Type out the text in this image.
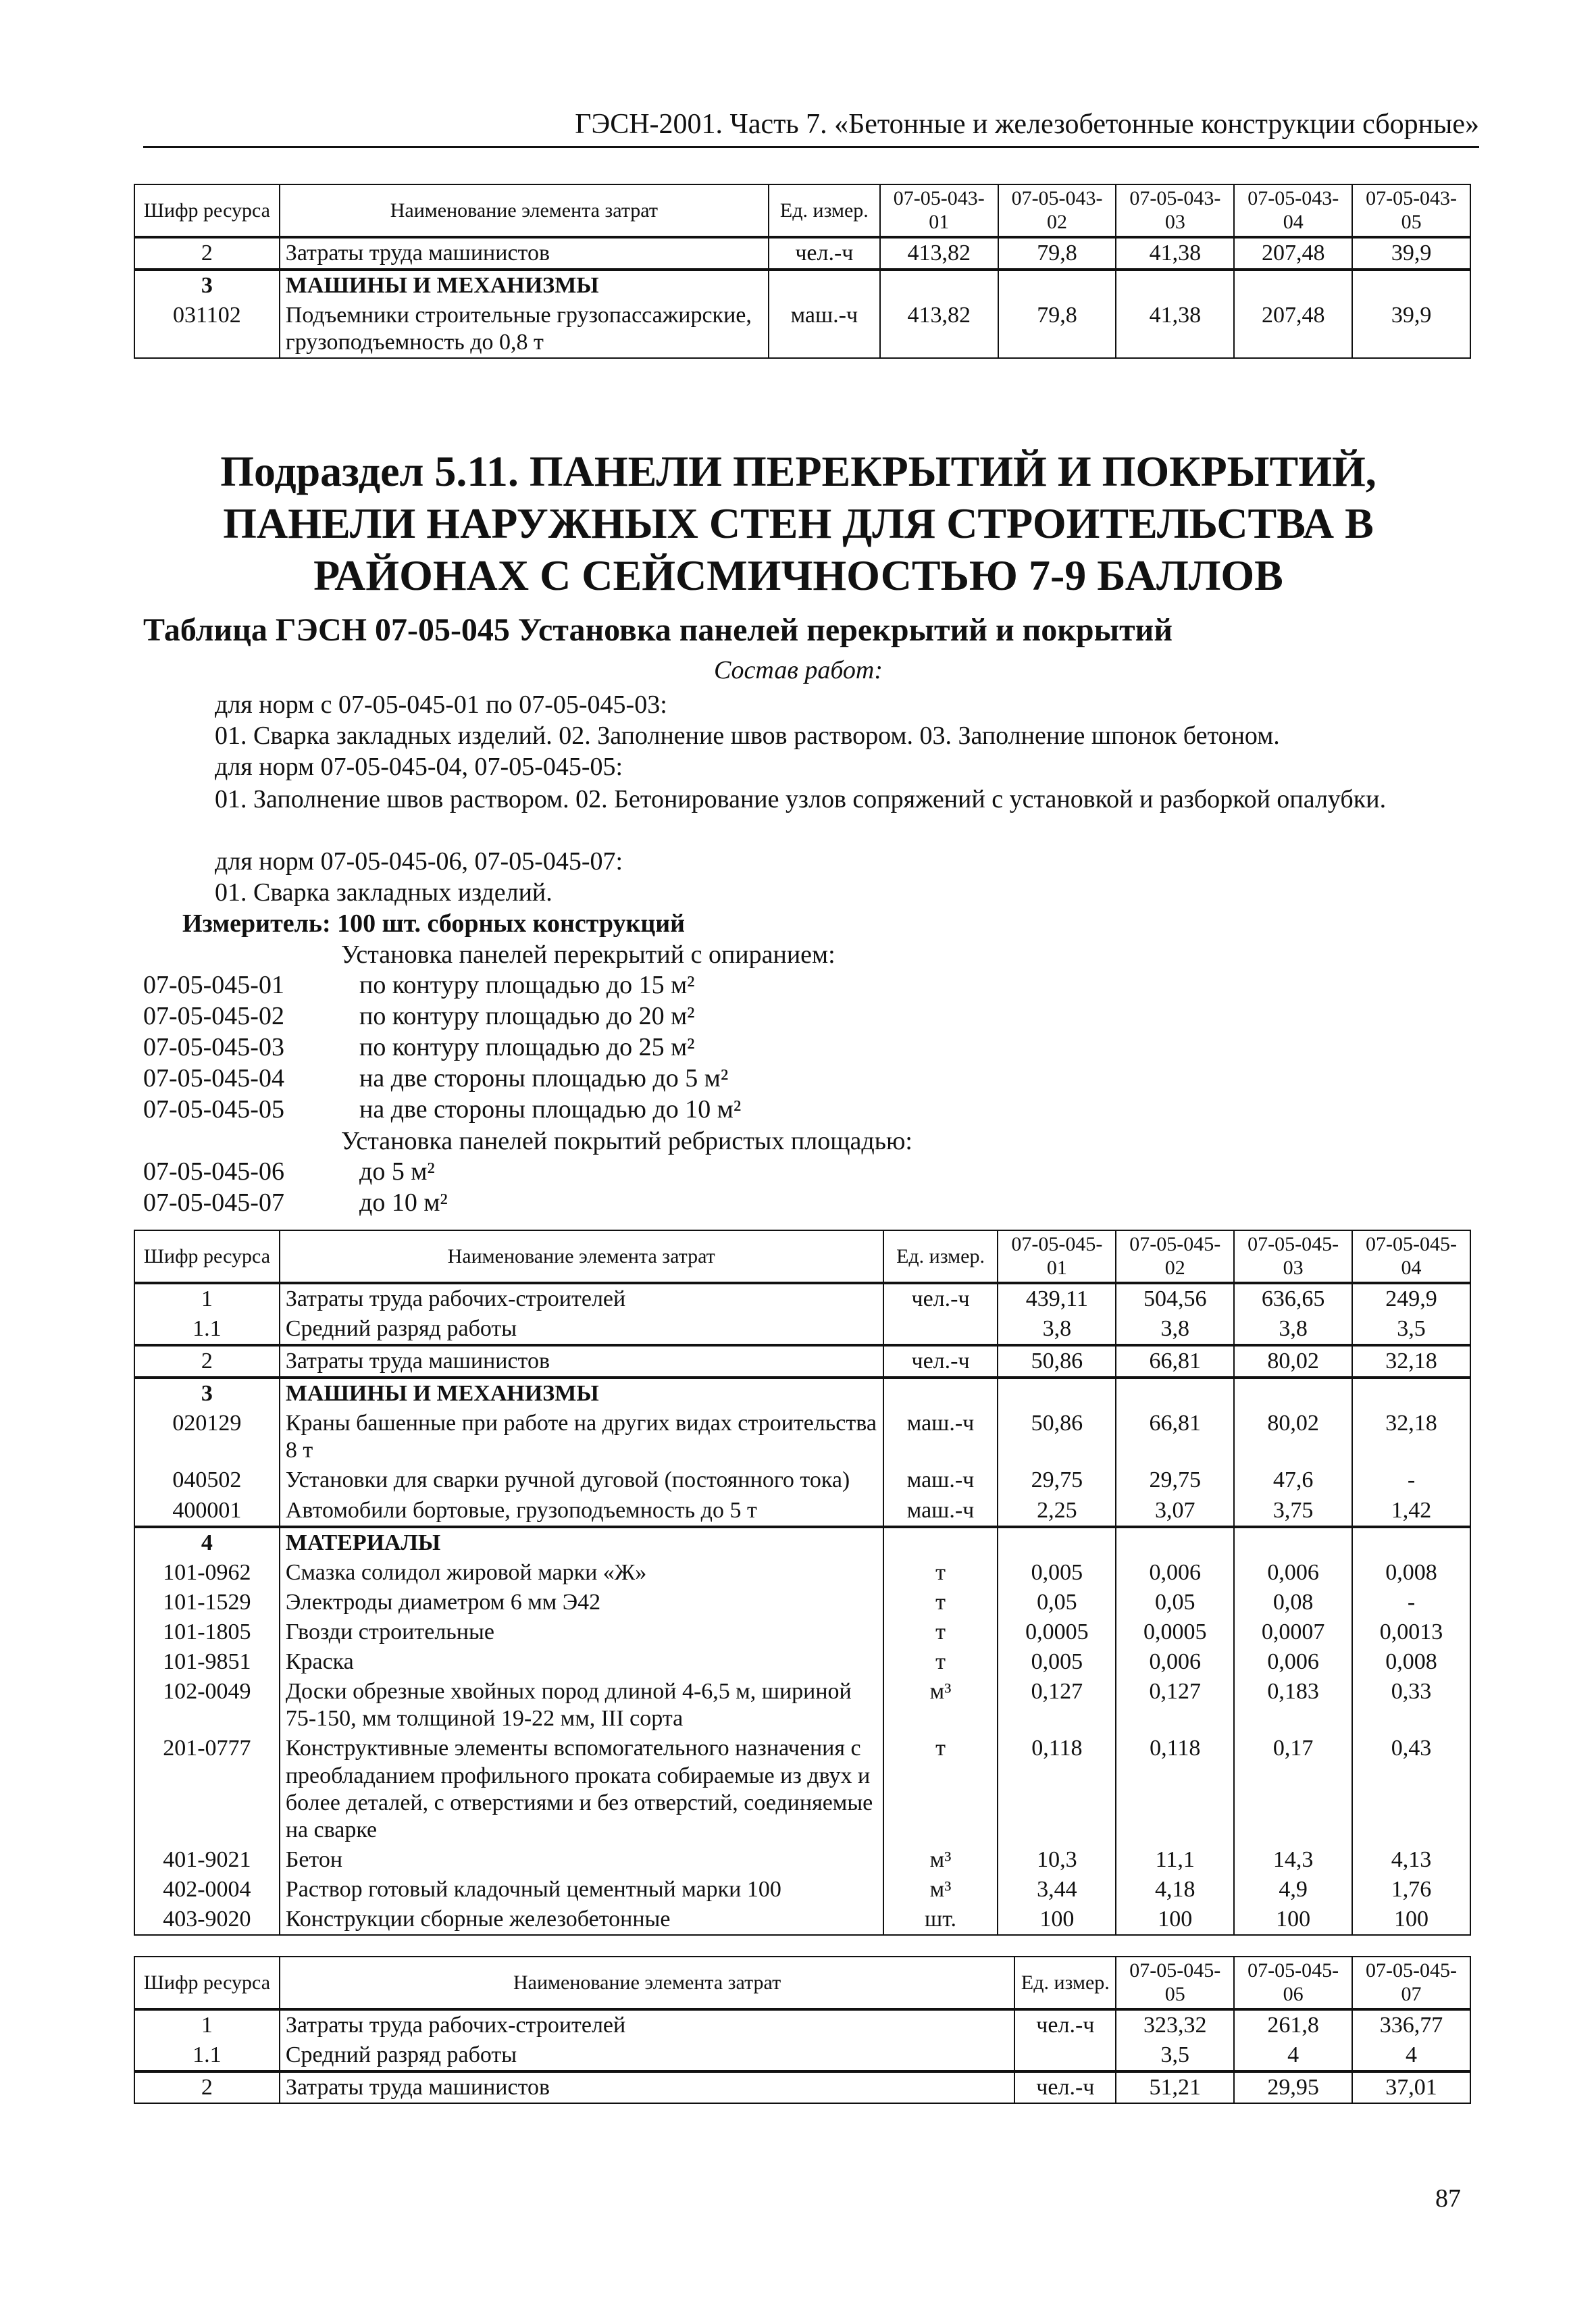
ГЭСН-2001. Часть 7. «Бетонные и железобетонные конструкции сборные»
Шифр ресурса	Наименование элемента затрат	Ед. измер.	07-05-043-01	07-05-043-02	07-05-043-03	07-05-043-04	07-05-043-05
2	Затраты труда машинистов	чел.-ч	413,82	79,8	41,38	207,48	39,9
3	МАШИНЫ И МЕХАНИЗМЫ						
031102	Подъемники строительные грузопассажирские, грузоподъемность до 0,8 т	маш.-ч	413,82	79,8	41,38	207,48	39,9
Подраздел 5.11. ПАНЕЛИ ПЕРЕКРЫТИЙ И ПОКРЫТИЙ, ПАНЕЛИ НАРУЖНЫХ СТЕН ДЛЯ СТРОИТЕЛЬСТВА В РАЙОНАХ С СЕЙСМИЧНОСТЬЮ 7-9 БАЛЛОВ
Таблица ГЭСН 07-05-045 Установка панелей перекрытий и покрытий
Состав работ:
для норм с 07-05-045-01 по 07-05-045-03:
01. Сварка закладных изделий. 02. Заполнение швов раствором. 03. Заполнение шпонок бетоном.
для норм 07-05-045-04, 07-05-045-05:
01. Заполнение швов раствором. 02. Бетонирование узлов сопряжений с установкой и разборкой опалубки.
для норм 07-05-045-06, 07-05-045-07:
01. Сварка закладных изделий.
Измеритель: 100 шт. сборных конструкций
Установка панелей перекрытий с опиранием:
07-05-045-01	по контуру площадью до 15 м²
07-05-045-02	по контуру площадью до 20 м²
07-05-045-03	по контуру площадью до 25 м²
07-05-045-04	на две стороны площадью до 5 м²
07-05-045-05	на две стороны площадью до 10 м²
Установка панелей покрытий ребристых площадью:
07-05-045-06	до 5 м²
07-05-045-07	до 10 м²
Шифр ресурса	Наименование элемента затрат	Ед. измер.	07-05-045-01	07-05-045-02	07-05-045-03	07-05-045-04
1	Затраты труда рабочих-строителей	чел.-ч	439,11	504,56	636,65	249,9
1.1	Средний разряд работы		3,8	3,8	3,8	3,5
2	Затраты труда машинистов	чел.-ч	50,86	66,81	80,02	32,18
3	МАШИНЫ И МЕХАНИЗМЫ					
020129	Краны башенные при работе на других видах строительства 8 т	маш.-ч	50,86	66,81	80,02	32,18
040502	Установки для сварки ручной дуговой (постоянного тока)	маш.-ч	29,75	29,75	47,6	-
400001	Автомобили бортовые, грузоподъемность до 5 т	маш.-ч	2,25	3,07	3,75	1,42
4	МАТЕРИАЛЫ					
101-0962	Смазка солидол жировой марки «Ж»	т	0,005	0,006	0,006	0,008
101-1529	Электроды диаметром 6 мм Э42	т	0,05	0,05	0,08	-
101-1805	Гвозди строительные	т	0,0005	0,0005	0,0007	0,0013
101-9851	Краска	т	0,005	0,006	0,006	0,008
102-0049	Доски обрезные хвойных пород длиной 4-6,5 м, шириной 75-150, мм толщиной 19-22 мм, III сорта	м³	0,127	0,127	0,183	0,33
201-0777	Конструктивные элементы вспомогательного назначения с преобладанием профильного проката собираемые из двух и более деталей, с отверстиями и без отверстий, соединяемые на сварке	т	0,118	0,118	0,17	0,43
401-9021	Бетон	м³	10,3	11,1	14,3	4,13
402-0004	Раствор готовый кладочный цементный марки 100	м³	3,44	4,18	4,9	1,76
403-9020	Конструкции сборные железобетонные	шт.	100	100	100	100
Шифр ресурса	Наименование элемента затрат	Ед. измер.	07-05-045-05	07-05-045-06	07-05-045-07
1	Затраты труда рабочих-строителей	чел.-ч	323,32	261,8	336,77
1.1	Средний разряд работы		3,5	4	4
2	Затраты труда машинистов	чел.-ч	51,21	29,95	37,01
87
